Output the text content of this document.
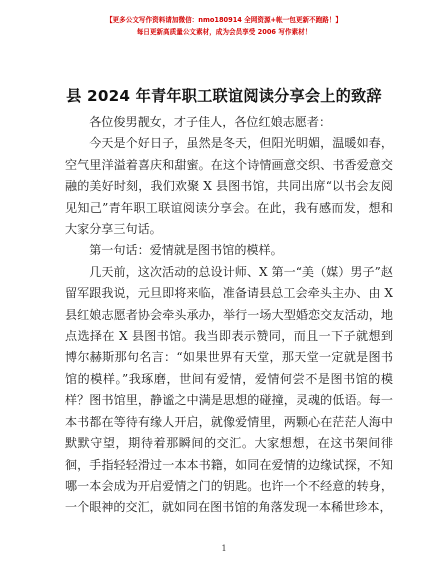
【更多公文写作资料请加微信：nmo180914 全网资源+帐一包更新不跑路！】
每日更新高质量公文素材，成为会员享受 2006 写作素材！
县 2024 年青年职工联谊阅读分享会上的致辞

各位俊男靓女，才子佳人，各位红娘志愿者：

今天是个好日子，虽然是冬天，但阳光明媚，温暖如春，空气里洋溢着喜庆和甜蜜。在这个诗情画意交织、书香爱意交融的美好时刻，我们欢聚 X 县图书馆，共同出席“以书会友阅见知己”青年职工联谊阅读分享会。在此，我有感而发，想和大家分享三句话。

第一句话：爱情就是图书馆的模样。

几天前，这次活动的总设计师、X 第一“美（媒）男子”赵留军跟我说，元旦即将来临，准备请县总工会牵头主办、由 X 县红娘志愿者协会牵头承办，举行一场大型婚恋交友活动，地点选择在 X 县图书馆。我当即表示赞同，而且一下子就想到博尔赫斯那句名言：“如果世界有天堂，那天堂一定就是图书馆的模样。”我琢磨，世间有爱情，爱情何尝不是图书馆的模样？图书馆里，静谧之中满是思想的碰撞，灵魂的低语。每一本书都在等待有缘人开启，就像爱情里，两颗心在茫茫人海中默默守望，期待着那瞬间的交汇。大家想想，在这书架间徘徊，手指轻轻滑过一本本书籍，如同在爱情的边缘试探，不知哪一本会成为开启爱情之门的钥匙。也许一个不经意的转身，一个眼神的交汇，就如同在图书馆的角落发现一本稀世珍本，

1
